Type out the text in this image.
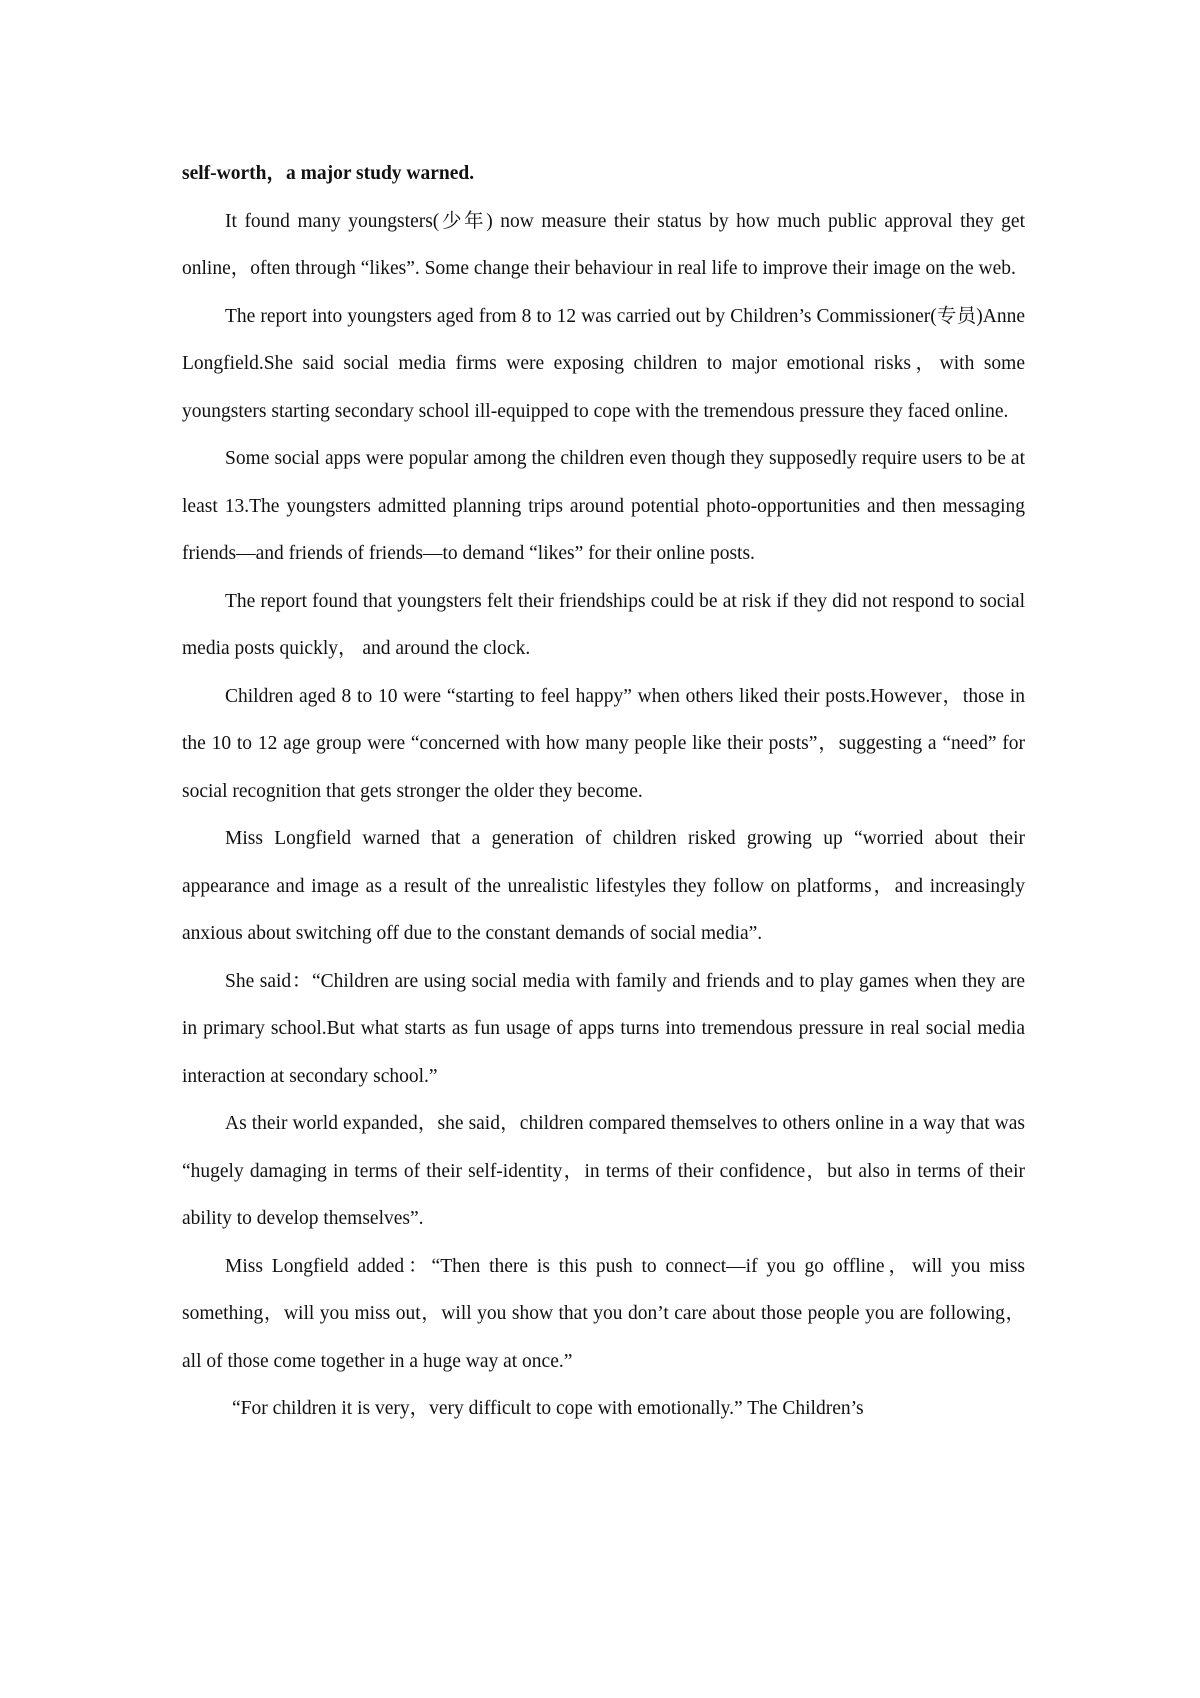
self-worth，a major study warned.

It found many youngsters(少年) now measure their status by how much public approval they get online，often through “likes”. Some change their behaviour in real life to improve their image on the web.

The report into youngsters aged from 8 to 12 was carried out by Children’s Commissioner(专员)Anne Longfield.She said social media firms were exposing children to major emotional risks，with some youngsters starting secondary school ill-equipped to cope with the tremendous pressure they faced online.

Some social apps were popular among the children even though they supposedly require users to be at least 13.The youngsters admitted planning trips around potential photo-opportunities and then messaging friends—and friends of friends—to demand “likes” for their online posts.

The report found that youngsters felt their friendships could be at risk if they did not respond to social media posts quickly， and around the clock.

Children aged 8 to 10 were “starting to feel happy” when others liked their posts.However，those in the 10 to 12 age group were “concerned with how many people like their posts”，suggesting a “need” for social recognition that gets stronger the older they become.

Miss Longfield warned that a generation of children risked growing up “worried about their appearance and image as a result of the unrealistic lifestyles they follow on platforms，and increasingly anxious about switching off due to the constant demands of social media”.

She said：“Children are using social media with family and friends and to play games when they are in primary school.But what starts as fun usage of apps turns into tremendous pressure in real social media interaction at secondary school.”

As their world expanded，she said，children compared themselves to others online in a way that was “hugely damaging in terms of their self-identity，in terms of their confidence，but also in terms of their ability to develop themselves”.

Miss Longfield added：“Then there is this push to connect—if you go offline，will you miss something，will you miss out，will you show that you don’t care about those people you are following，all of those come together in a huge way at once.”

“For children it is very，very difficult to cope with emotionally.” The Children’s
